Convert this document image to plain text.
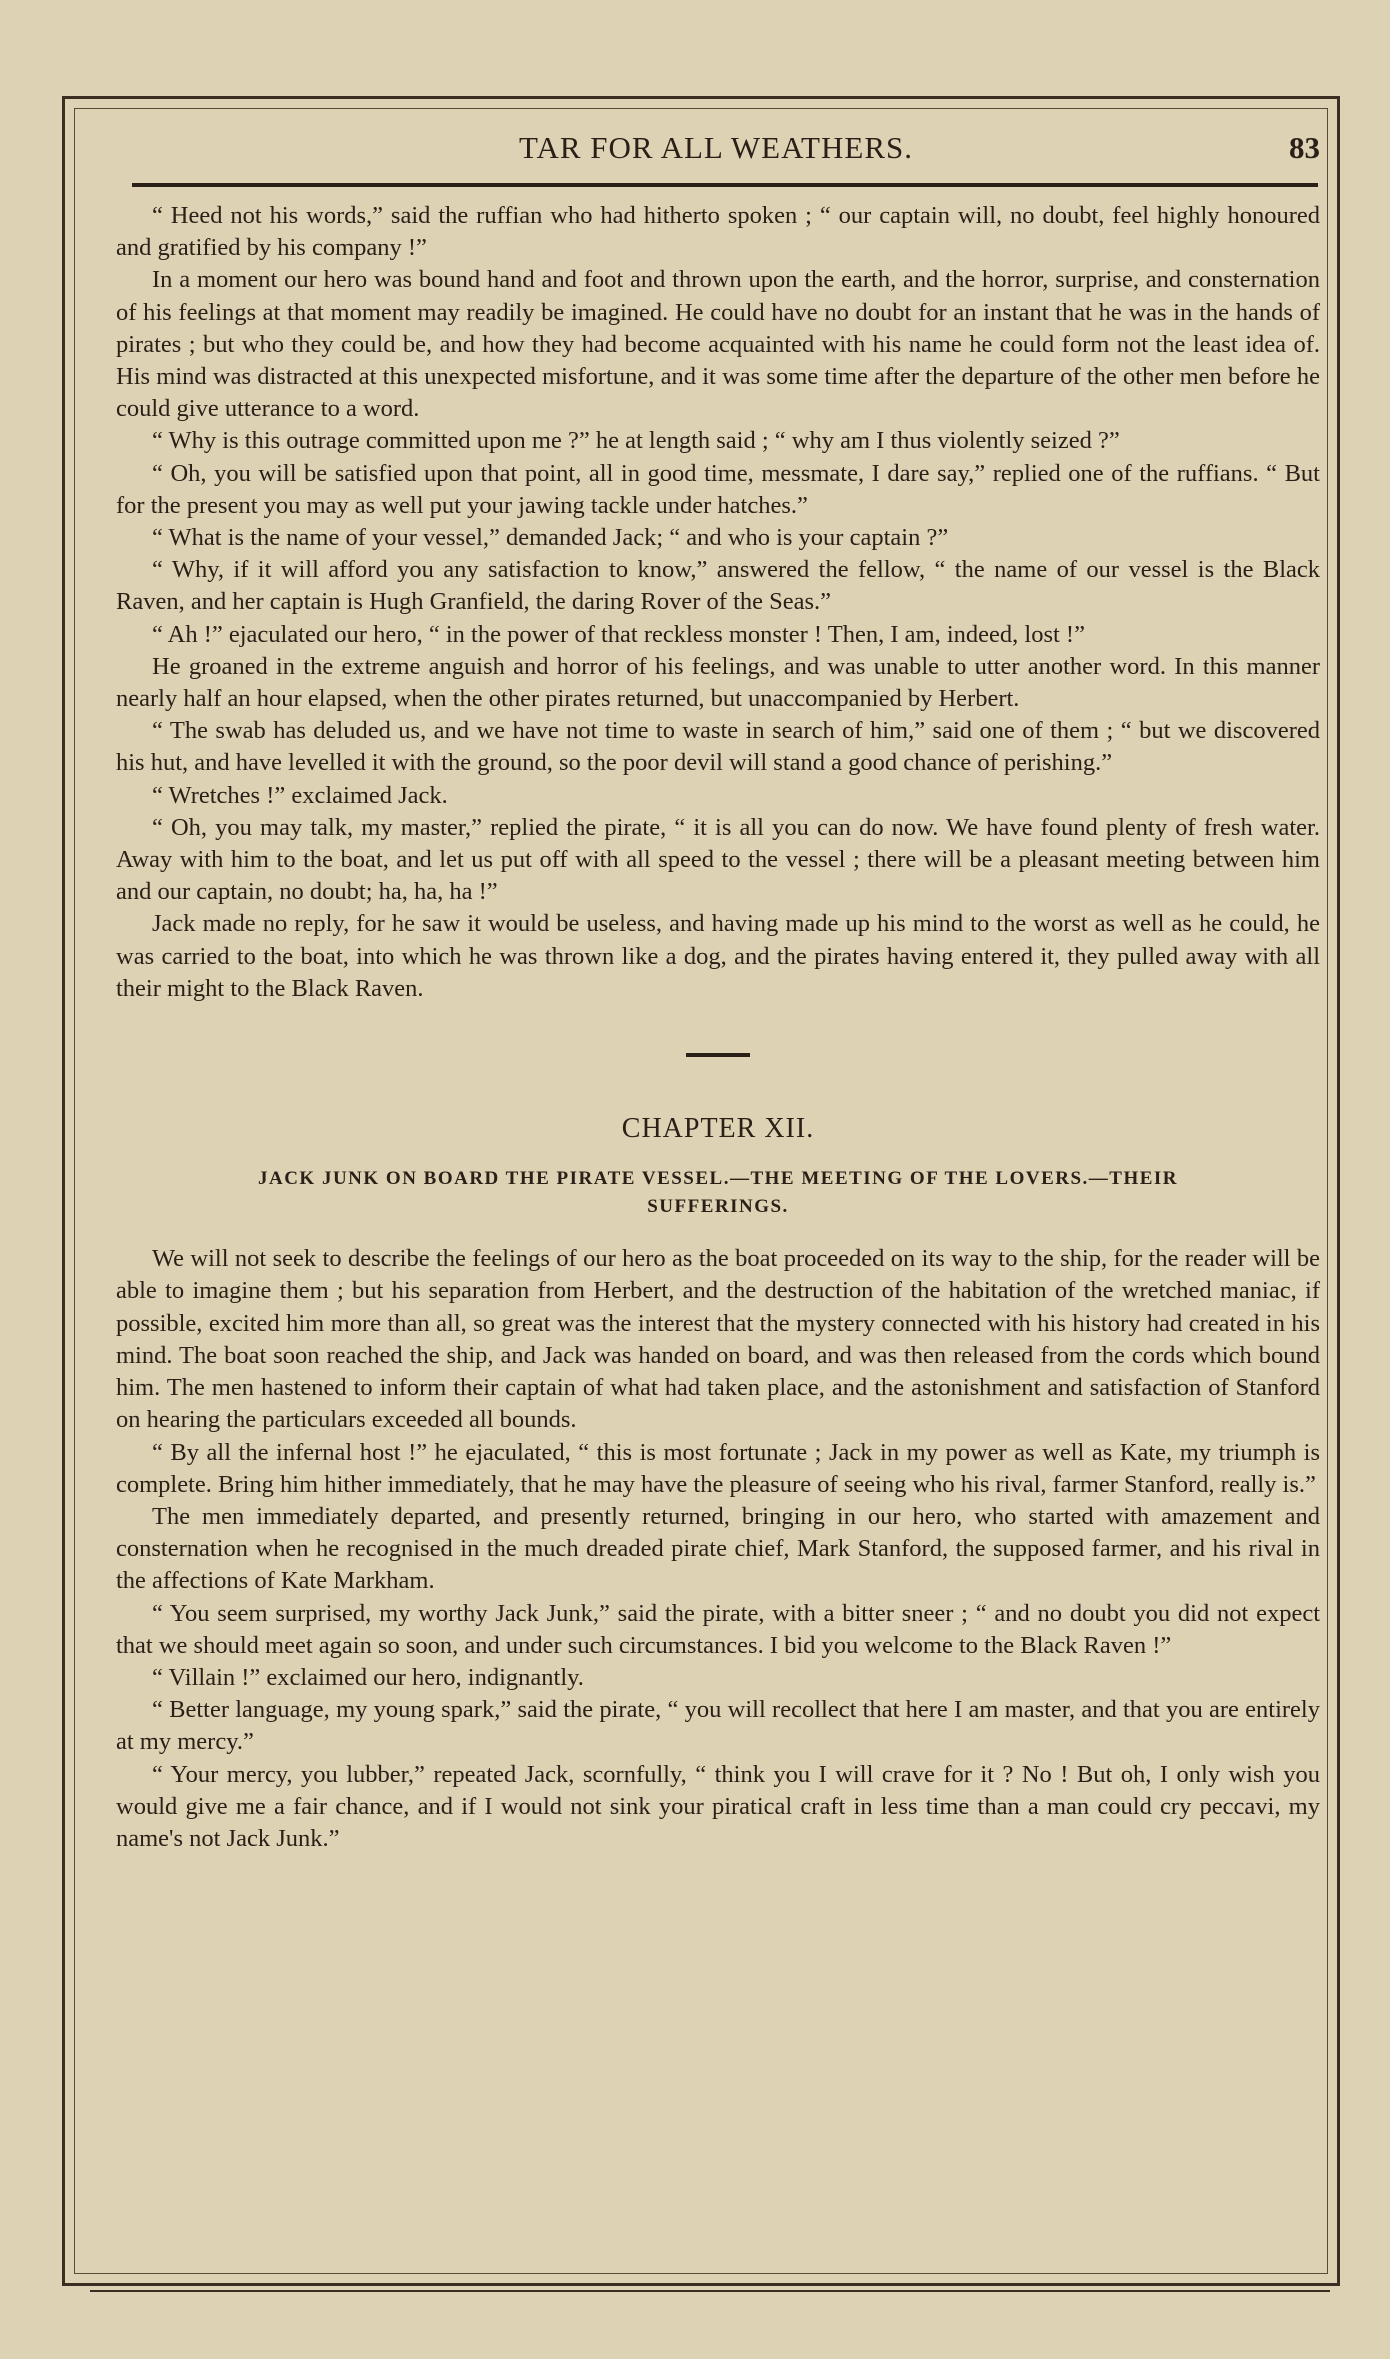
TAR FOR ALL WEATHERS.	83

“ Heed not his words,” said the ruffian who had hitherto spoken ; “ our captain will, no doubt, feel highly honoured and gratified by his company !”

In a moment our hero was bound hand and foot and thrown upon the earth, and the horror, surprise, and consternation of his feelings at that moment may readily be imagined. He could have no doubt for an instant that he was in the hands of pirates ; but who they could be, and how they had become acquainted with his name he could form not the least idea of. His mind was distracted at this unexpected misfortune, and it was some time after the departure of the other men before he could give utterance to a word.

“ Why is this outrage committed upon me ?” he at length said ; “ why am I thus violently seized ?”

“ Oh, you will be satisfied upon that point, all in good time, messmate, I dare say,” replied one of the ruffians. “ But for the present you may as well put your jawing tackle under hatches.”

“ What is the name of your vessel,” demanded Jack; “ and who is your captain ?”

“ Why, if it will afford you any satisfaction to know,” answered the fellow, “ the name of our vessel is the Black Raven, and her captain is Hugh Granfield, the daring Rover of the Seas.”

“ Ah !” ejaculated our hero, “ in the power of that reckless monster ! Then, I am, indeed, lost !”

He groaned in the extreme anguish and horror of his feelings, and was unable to utter another word. In this manner nearly half an hour elapsed, when the other pirates returned, but unaccompanied by Herbert.

“ The swab has deluded us, and we have not time to waste in search of him,” said one of them ; “ but we discovered his hut, and have levelled it with the ground, so the poor devil will stand a good chance of perishing.”

“ Wretches !” exclaimed Jack.

“ Oh, you may talk, my master,” replied the pirate, “ it is all you can do now. We have found plenty of fresh water. Away with him to the boat, and let us put off with all speed to the vessel ; there will be a pleasant meeting between him and our captain, no doubt; ha, ha, ha !”

Jack made no reply, for he saw it would be useless, and having made up his mind to the worst as well as he could, he was carried to the boat, into which he was thrown like a dog, and the pirates having entered it, they pulled away with all their might to the Black Raven.

CHAPTER XII.
JACK JUNK ON BOARD THE PIRATE VESSEL.—THE MEETING OF THE LOVERS.—THEIR
SUFFERINGS.

We will not seek to describe the feelings of our hero as the boat proceeded on its way to the ship, for the reader will be able to imagine them ; but his separation from Herbert, and the destruction of the habitation of the wretched maniac, if possible, excited him more than all, so great was the interest that the mystery connected with his history had created in his mind. The boat soon reached the ship, and Jack was handed on board, and was then released from the cords which bound him. The men hastened to inform their captain of what had taken place, and the astonishment and satisfaction of Stanford on hearing the particulars exceeded all bounds.

“ By all the infernal host !” he ejaculated, “ this is most fortunate ; Jack in my power as well as Kate, my triumph is complete. Bring him hither immediately, that he may have the pleasure of seeing who his rival, farmer Stanford, really is.”

The men immediately departed, and presently returned, bringing in our hero, who started with amazement and consternation when he recognised in the much dreaded pirate chief, Mark Stanford, the supposed farmer, and his rival in the affections of Kate Markham.

“ You seem surprised, my worthy Jack Junk,” said the pirate, with a bitter sneer ; “ and no doubt you did not expect that we should meet again so soon, and under such circumstances. I bid you welcome to the Black Raven !”

“ Villain !” exclaimed our hero, indignantly.

“ Better language, my young spark,” said the pirate, “ you will recollect that here I am master, and that you are entirely at my mercy.”

“ Your mercy, you lubber,” repeated Jack, scornfully, “ think you I will crave for it ? No ! But oh, I only wish you would give me a fair chance, and if I would not sink your piratical craft in less time than a man could cry peccavi, my name's not Jack Junk.”
